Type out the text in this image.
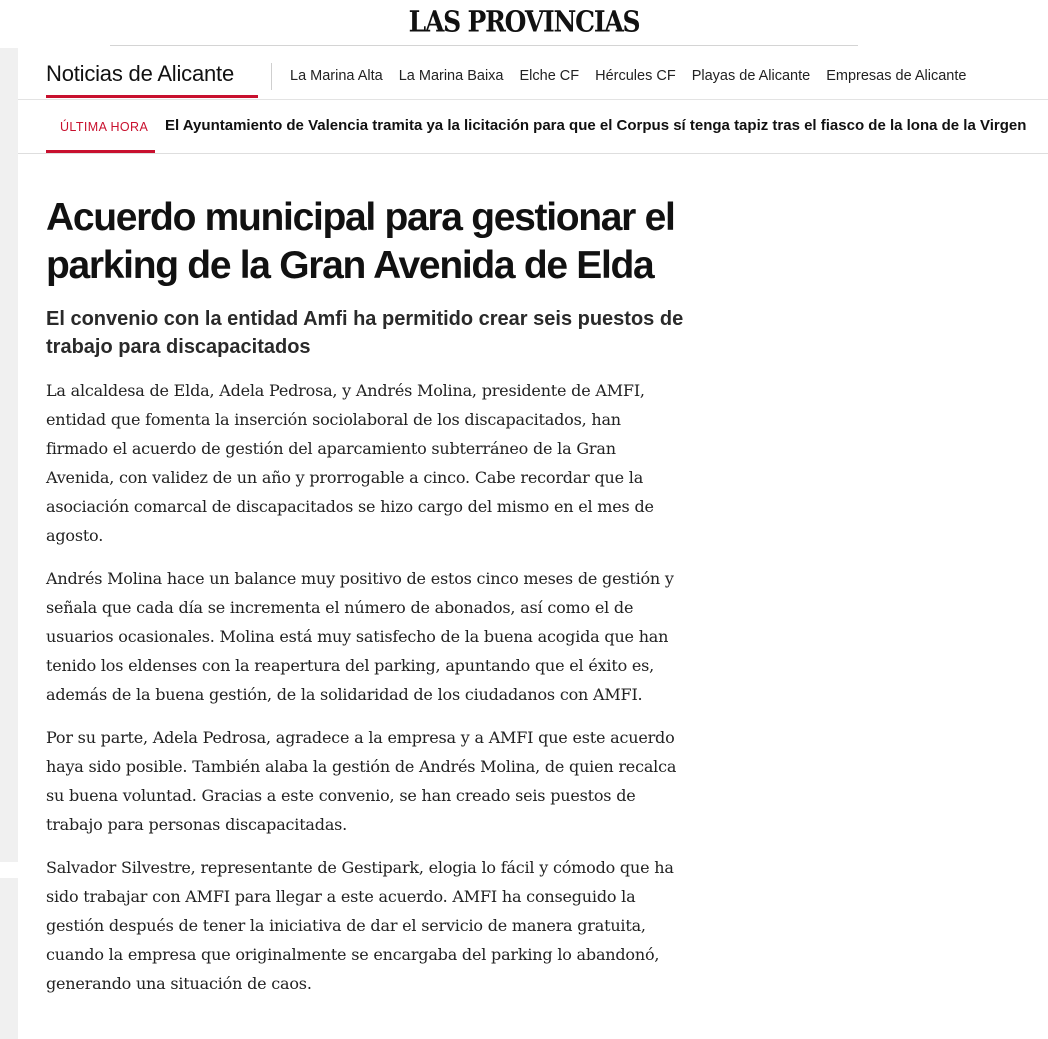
LAS PROVINCIAS
Noticias de Alicante	La Marina Alta La Marina Baixa Elche CF Hércules CF Playas de Alicante Empresas de Alicante
ÚLTIMA HORA El Ayuntamiento de Valencia tramita ya la licitación para que el Corpus sí tenga tapiz tras el fiasco de la lona de la Virgen
Acuerdo municipal para gestionar el parking de la Gran Avenida de Elda
El convenio con la entidad Amfi ha permitido crear seis puestos de trabajo para discapacitados

La alcaldesa de Elda, Adela Pedrosa, y Andrés Molina, presidente de AMFI, entidad que fomenta la inserción sociolaboral de los discapacitados, han firmado el acuerdo de gestión del aparcamiento subterráneo de la Gran Avenida, con validez de un año y prorrogable a cinco. Cabe recordar que la asociación comarcal de discapacitados se hizo cargo del mismo en el mes de agosto.

Andrés Molina hace un balance muy positivo de estos cinco meses de gestión y señala que cada día se incrementa el número de abonados, así como el de usuarios ocasionales. Molina está muy satisfecho de la buena acogida que han tenido los eldenses con la reapertura del parking, apuntando que el éxito es, además de la buena gestión, de la solidaridad de los ciudadanos con AMFI.

Por su parte, Adela Pedrosa, agradece a la empresa y a AMFI que este acuerdo haya sido posible. También alaba la gestión de Andrés Molina, de quien recalca su buena voluntad. Gracias a este convenio, se han creado seis puestos de trabajo para personas discapacitadas.

Salvador Silvestre, representante de Gestipark, elogia lo fácil y cómodo que ha sido trabajar con AMFI para llegar a este acuerdo. AMFI ha conseguido la gestión después de tener la iniciativa de dar el servicio de manera gratuita, cuando la empresa que originalmente se encargaba del parking lo abandonó, generando una situación de caos.
